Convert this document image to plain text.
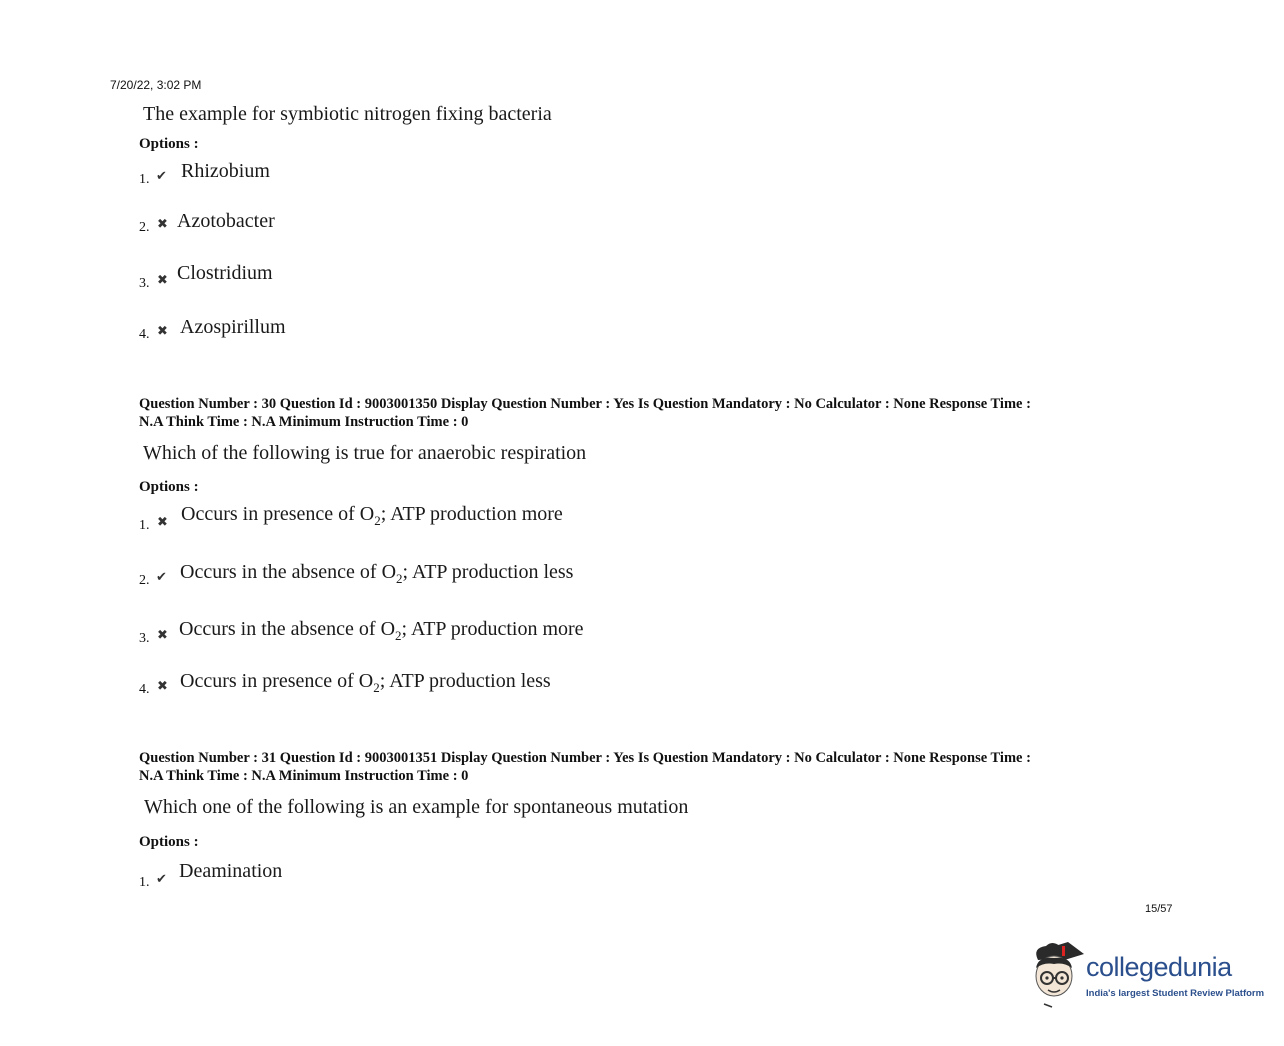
7/20/22, 3:02 PM
The example for symbiotic nitrogen fixing bacteria
Options :
1. ✔ Rhizobium
2. ✖ Azotobacter
3. ✖ Clostridium
4. ✖ Azospirillum
Question Number : 30 Question Id : 9003001350 Display Question Number : Yes Is Question Mandatory : No Calculator : None Response Time :
N.A Think Time : N.A Minimum Instruction Time : 0
Which of the following is true for anaerobic respiration
Options :
1. ✖ Occurs in presence of $O_2$; ATP production more
2. ✔ Occurs in the absence of $O_2$; ATP production less
3. ✖ Occurs in the absence of $O_2$; ATP production more
4. ✖ Occurs in presence of $O_2$; ATP production less
Question Number : 31 Question Id : 9003001351 Display Question Number : Yes Is Question Mandatory : No Calculator : None Response Time :
N.A Think Time : N.A Minimum Instruction Time : 0
Which one of the following is an example for spontaneous mutation
Options :
1. ✔ Deamination
15/57
collegedunia
India's largest Student Review Platform
